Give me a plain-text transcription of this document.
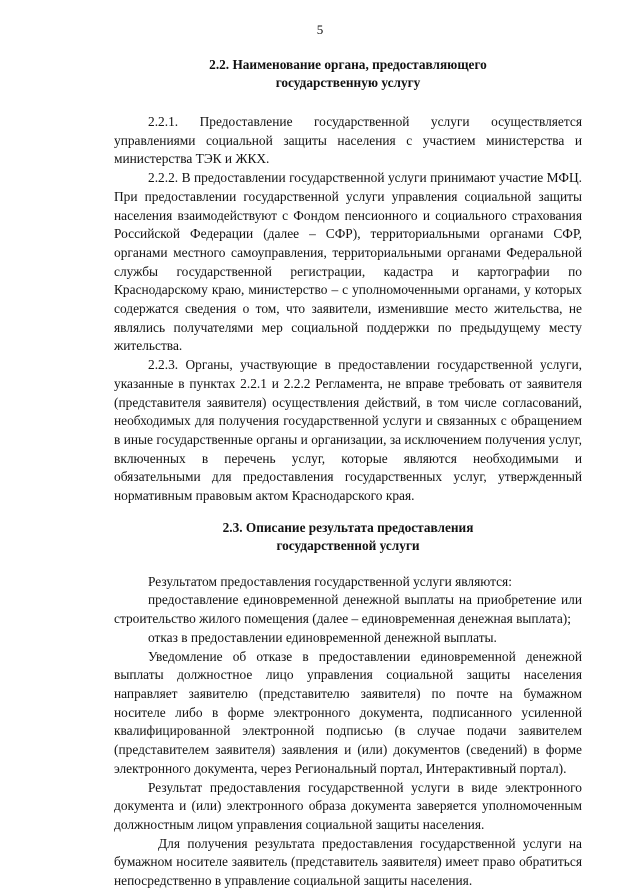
5
2.2. Наименование органа, предоставляющего
государственную услугу

2.2.1. Предоставление государственной услуги осуществляется управлениями социальной защиты населения с участием министерства и министерства ТЭК и ЖКХ.

2.2.2. В предоставлении государственной услуги принимают участие МФЦ. При предоставлении государственной услуги управления социальной защиты населения взаимодействуют с Фондом пенсионного и социального страхования Российской Федерации (далее – СФР), территориальными органами СФР, органами местного самоуправления, территориальными органами Федеральной службы государственной регистрации, кадастра и картографии по Краснодарскому краю, министерство – с уполномоченными органами, у которых содержатся сведения о том, что заявители, изменившие место жительства, не являлись получателями мер социальной поддержки по предыдущему месту жительства.

2.2.3. Органы, участвующие в предоставлении государственной услуги, указанные в пунктах 2.2.1 и 2.2.2 Регламента, не вправе требовать от заявителя (представителя заявителя) осуществления действий, в том числе согласований, необходимых для получения государственной услуги и связанных с обращением в иные государственные органы и организации, за исключением получения услуг, включенных в перечень услуг, которые являются необходимыми и обязательными для предоставления государственных услуг, утвержденный нормативным правовым актом Краснодарского края.

2.3. Описание результата предоставления
государственной услуги

Результатом предоставления государственной услуги являются:

предоставление единовременной денежной выплаты на приобретение или строительство жилого помещения (далее – единовременная денежная выплата);

отказ в предоставлении единовременной денежной выплаты.

Уведомление об отказе в предоставлении единовременной денежной выплаты должностное лицо управления социальной защиты населения направляет заявителю (представителю заявителя) по почте на бумажном носителе либо в форме электронного документа, подписанного усиленной квалифицированной электронной подписью (в случае подачи заявителем (представителем заявителя) заявления и (или) документов (сведений) в форме электронного документа, через Региональный портал, Интерактивный портал).

Результат предоставления государственной услуги в виде электронного документа и (или) электронного образа документа заверяется уполномоченным должностным лицом управления социальной защиты населения.

Для получения результата предоставления государственной услуги на бумажном носителе заявитель (представитель заявителя) имеет право обратиться непосредственно в управление социальной защиты населения.
